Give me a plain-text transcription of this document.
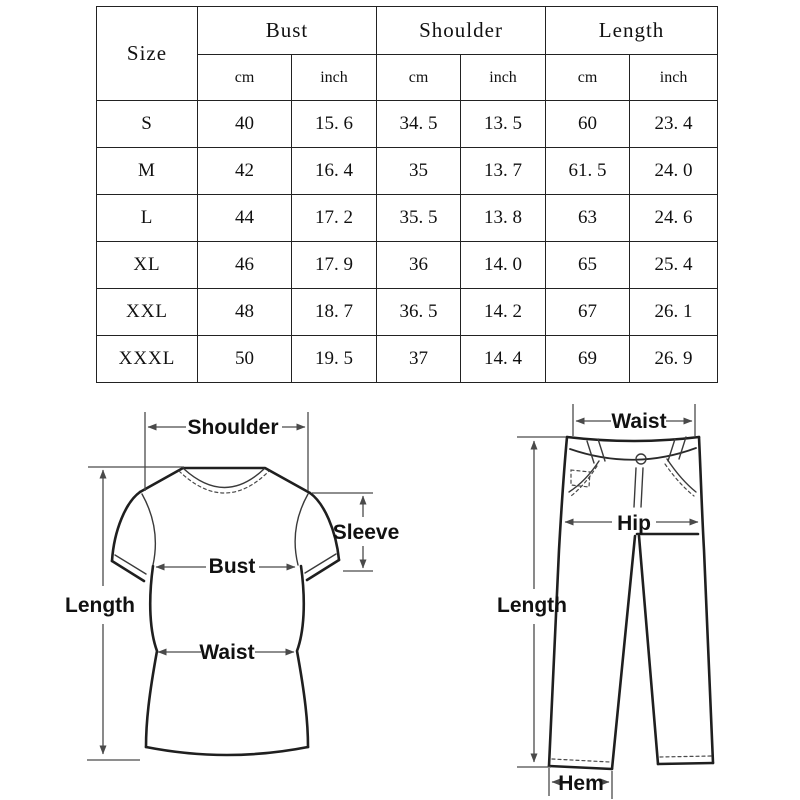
Size	Bust		Shoulder		Length	
	cm	inch	cm	inch	cm	inch
S	40	15. 6	34. 5	13. 5	60	23. 4
M	42	16. 4	35	13. 7	61. 5	24. 0
L	44	17. 2	35. 5	13. 8	63	24. 6
XL	46	17. 9	36	14. 0	65	25. 4
XXL	48	18. 7	36. 5	14. 2	67	26. 1
XXXL	50	19. 5	37	14. 4	69	26. 9
Shoulder
Length
Sleeve
Bust
Waist
Waist
Hip
Length
Hem
